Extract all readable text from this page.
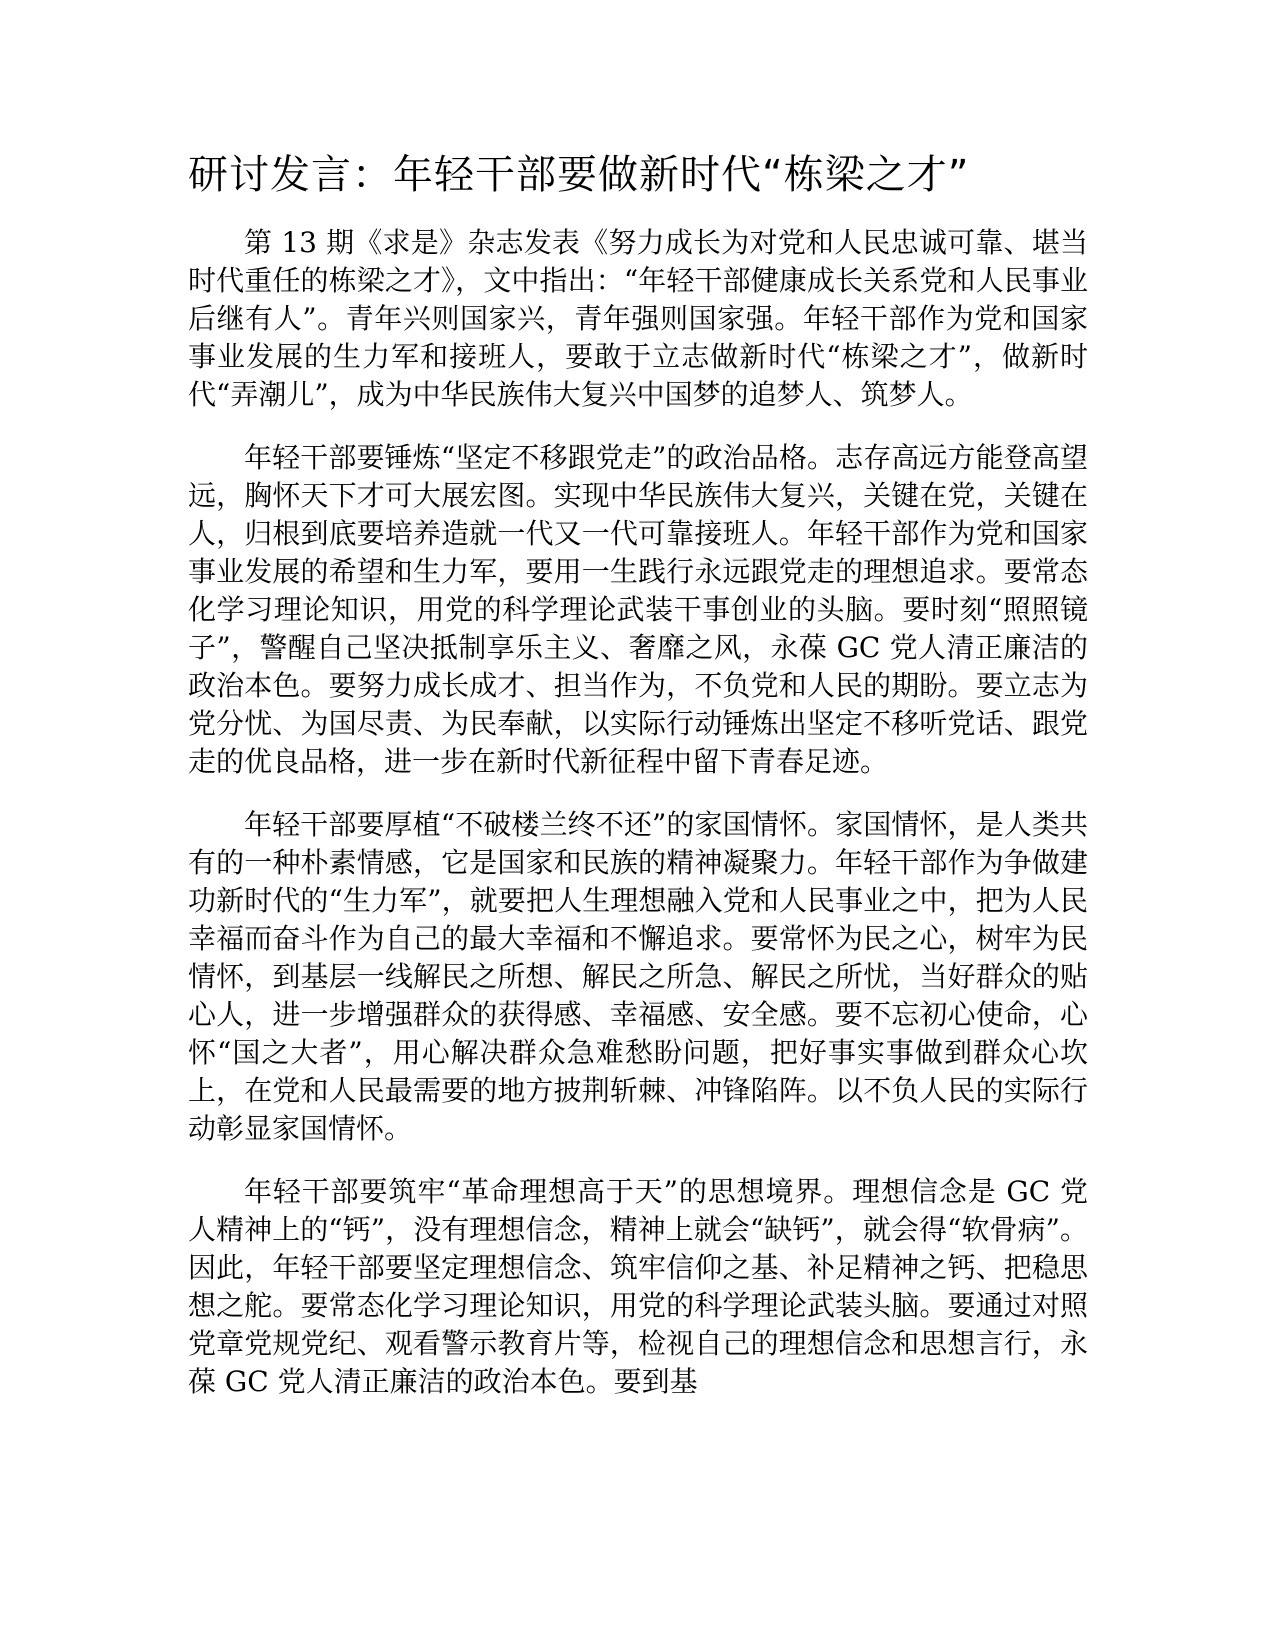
研讨发言：年轻干部要做新时代“栋梁之才”

第 13 期《求是》杂志发表《努力成长为对党和人民忠诚可靠、堪当时代重任的栋梁之才》，文中指出：“年轻干部健康成长关系党和人民事业后继有人”。青年兴则国家兴，青年强则国家强。年轻干部作为党和国家事业发展的生力军和接班人，要敢于立志做新时代“栋梁之才”，做新时代“弄潮儿”，成为中华民族伟大复兴中国梦的追梦人、筑梦人。

年轻干部要锤炼“坚定不移跟党走”的政治品格。志存高远方能登高望远，胸怀天下才可大展宏图。实现中华民族伟大复兴，关键在党，关键在人，归根到底要培养造就一代又一代可靠接班人。年轻干部作为党和国家事业发展的希望和生力军，要用一生践行永远跟党走的理想追求。要常态化学习理论知识，用党的科学理论武装干事创业的头脑。要时刻“照照镜子”，警醒自己坚决抵制享乐主义、奢靡之风，永葆 GC 党人清正廉洁的政治本色。要努力成长成才、担当作为，不负党和人民的期盼。要立志为党分忧、为国尽责、为民奉献，以实际行动锤炼出坚定不移听党话、跟党走的优良品格，进一步在新时代新征程中留下青春足迹。

年轻干部要厚植“不破楼兰终不还”的家国情怀。家国情怀，是人类共有的一种朴素情感，它是国家和民族的精神凝聚力。年轻干部作为争做建功新时代的“生力军”，就要把人生理想融入党和人民事业之中，把为人民幸福而奋斗作为自己的最大幸福和不懈追求。要常怀为民之心，树牢为民情怀，到基层一线解民之所想、解民之所急、解民之所忧，当好群众的贴心人，进一步增强群众的获得感、幸福感、安全感。要不忘初心使命，心怀“国之大者”，用心解决群众急难愁盼问题，把好事实事做到群众心坎上，在党和人民最需要的地方披荆斩棘、冲锋陷阵。以不负人民的实际行动彰显家国情怀。

年轻干部要筑牢“革命理想高于天”的思想境界。理想信念是 GC 党人精神上的“钙”，没有理想信念，精神上就会“缺钙”，就会得“软骨病”。因此，年轻干部要坚定理想信念、筑牢信仰之基、补足精神之钙、把稳思想之舵。要常态化学习理论知识，用党的科学理论武装头脑。要通过对照党章党规党纪、观看警示教育片等，检视自己的理想信念和思想言行，永葆 GC 党人清正廉洁的政治本色。要到基
